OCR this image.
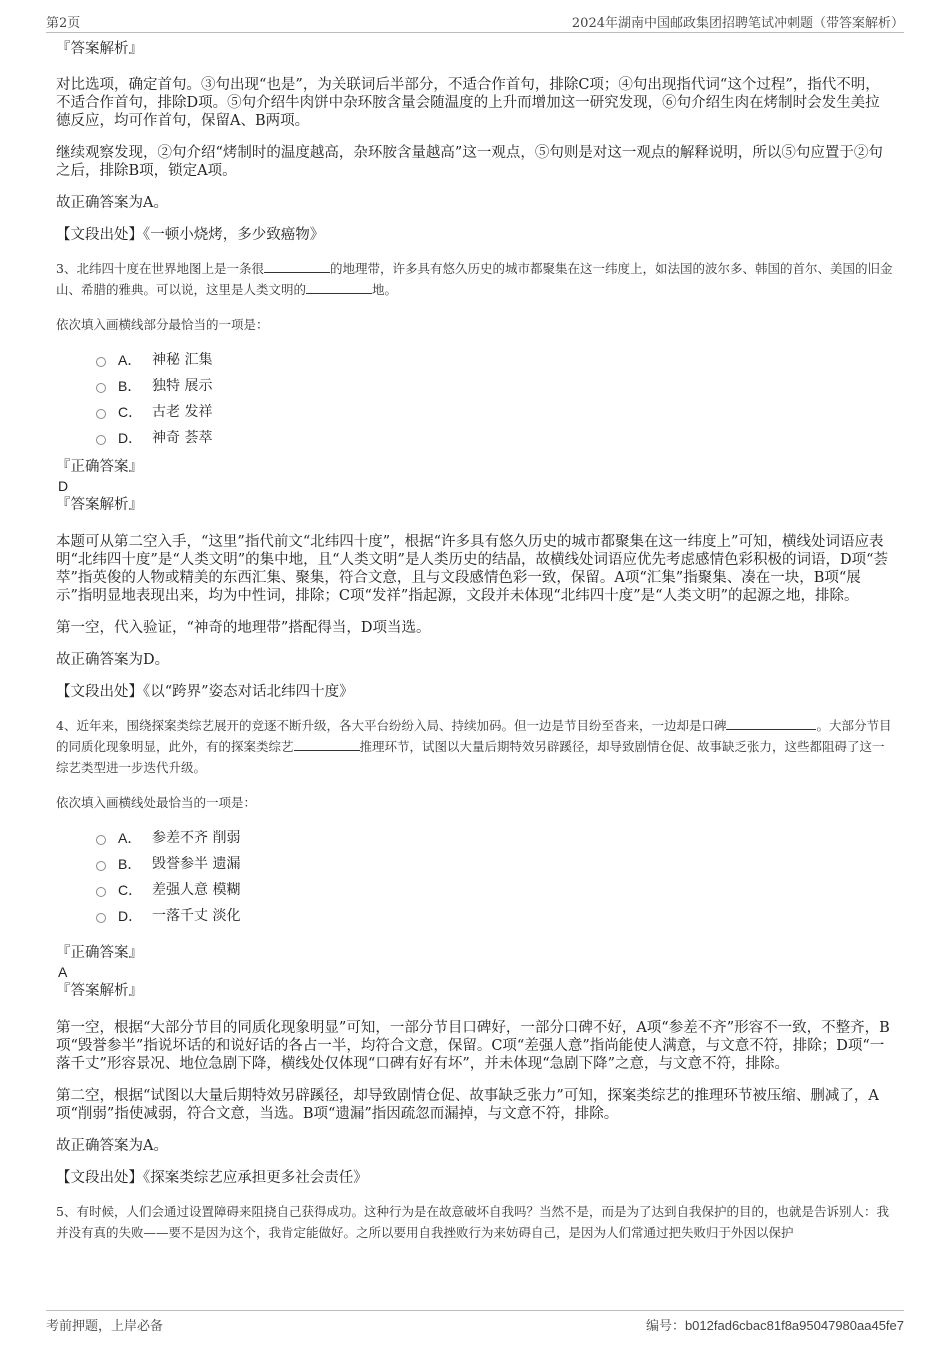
第2页	2024年湖南中国邮政集团招聘笔试冲刺题（带答案解析）

『答案解析』

对比选项，确定首句。③句出现“也是”，为关联词后半部分，不适合作首句，排除C项；④句出现指代词“这个过程”，指代不明，不适合作首句，排除D项。⑤句介绍牛肉饼中杂环胺含量会随温度的上升而增加这一研究发现，⑥句介绍生肉在烤制时会发生美拉德反应，均可作首句，保留A、B两项。

继续观察发现，②句介绍“烤制时的温度越高，杂环胺含量越高”这一观点，⑤句则是对这一观点的解释说明，所以⑤句应置于②句之后，排除B项，锁定A项。

故正确答案为A。

【文段出处】《一顿小烧烤，多少致癌物》

3、北纬四十度在世界地图上是一条很	的地理带，许多具有悠久历史的城市都聚集在这一纬度上，如法国的波尔多、韩国的首尔、美国的旧金山、希腊的雅典。可以说，这里是人类文明的	地。

依次填入画横线部分最恰当的一项是：

A． 神秘 汇集
B． 独特 展示
C． 古老 发祥
D． 神奇 荟萃

『正确答案』

D

『答案解析』

本题可从第二空入手，“这里”指代前文“北纬四十度”，根据“许多具有悠久历史的城市都聚集在这一纬度上”可知，横线处词语应表明“北纬四十度”是“人类文明”的集中地，且“人类文明”是人类历史的结晶，故横线处词语应优先考虑感情色彩积极的词语，D项“荟萃”指英俊的人物或精美的东西汇集、聚集，符合文意，且与文段感情色彩一致，保留。A项“汇集”指聚集、凑在一块，B项“展示”指明显地表现出来，均为中性词，排除；C项“发祥”指起源，文段并未体现“北纬四十度”是“人类文明”的起源之地，排除。

第一空，代入验证，“神奇的地理带”搭配得当，D项当选。

故正确答案为D。

【文段出处】《以“跨界”姿态对话北纬四十度》

4、近年来，围绕探案类综艺展开的竞逐不断升级，各大平台纷纷入局、持续加码。但一边是节目纷至沓来，一边却是口碑	。大部分节目的同质化现象明显，此外，有的探案类综艺	推理环节，试图以大量后期特效另辟蹊径，却导致剧情仓促、故事缺乏张力，这些都阻碍了这一综艺类型进一步迭代升级。

依次填入画横线处最恰当的一项是：

A． 参差不齐 削弱
B． 毁誉参半 遗漏
C． 差强人意 模糊
D． 一落千丈 淡化

『正确答案』

A

『答案解析』

第一空，根据“大部分节目的同质化现象明显”可知，一部分节目口碑好，一部分口碑不好，A项“参差不齐”形容不一致，不整齐，B项“毁誉参半”指说坏话的和说好话的各占一半，均符合文意，保留。C项“差强人意”指尚能使人满意，与文意不符，排除；D项“一落千丈”形容景况、地位急剧下降，横线处仅体现“口碑有好有坏”，并未体现“急剧下降”之意，与文意不符，排除。

第二空，根据“试图以大量后期特效另辟蹊径，却导致剧情仓促、故事缺乏张力”可知，探案类综艺的推理环节被压缩、删减了，A项“削弱”指使减弱，符合文意，当选。B项“遗漏”指因疏忽而漏掉，与文意不符，排除。

故正确答案为A。

【文段出处】《探案类综艺应承担更多社会责任》

5、有时候，人们会通过设置障碍来阻挠自己获得成功。这种行为是在故意破坏自我吗？当然不是，而是为了达到自我保护的目的，也就是告诉别人：我并没有真的失败——要不是因为这个，我肯定能做好。之所以要用自我挫败行为来妨碍自己，是因为人们常通过把失败归于外因以保护

考前押题，上岸必备	编号：b012fad6cbac81f8a95047980aa45fe7
